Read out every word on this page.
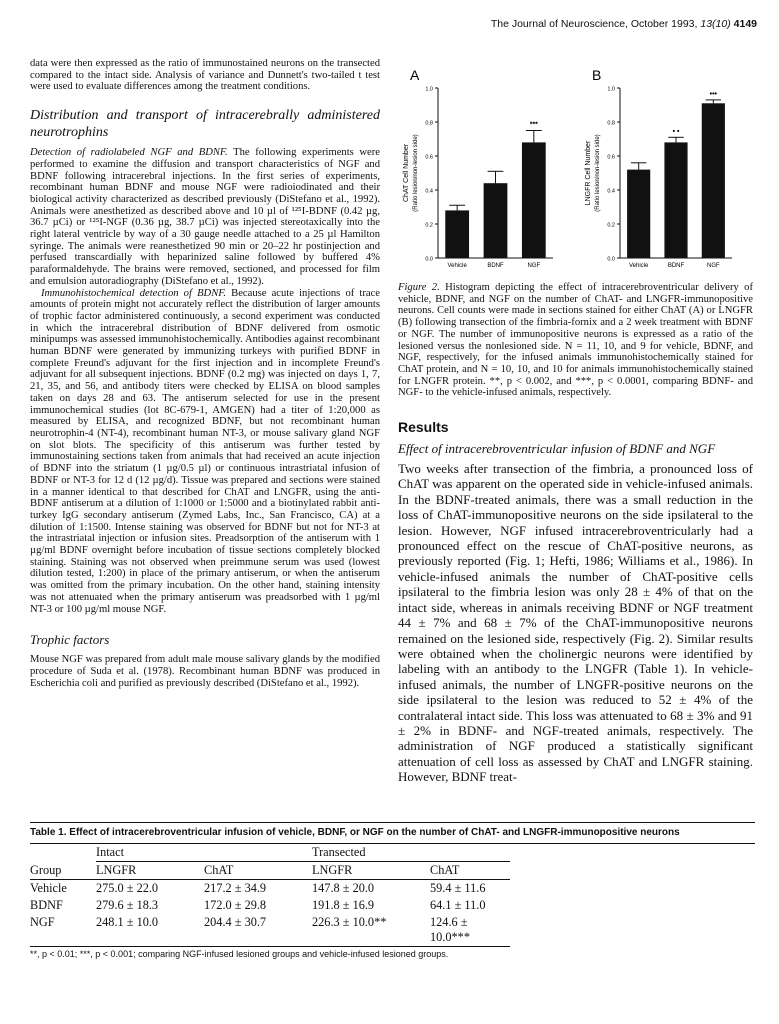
The Journal of Neuroscience, October 1993, 13(10) 4149

data were then expressed as the ratio of immunostained neurons on the transected compared to the intact side. Analysis of variance and Dunnett's two-tailed t test were used to evaluate differences among the treatment conditions.

Distribution and transport of intracerebrally administered neurotrophins

Detection of radiolabeled NGF and BDNF. The following experiments were performed to examine the diffusion and transport characteristics of NGF and BDNF following intracerebral injections. In the first series of experiments, recombinant human BDNF and mouse NGF were radioiodinated and their biological activity characterized as described previously (DiStefano et al., 1992). Animals were anesthetized as described above and 10 µl of ¹²⁵I-BDNF (0.42 µg, 36.7 µCi) or ¹²⁵I-NGF (0.36 µg, 38.7 µCi) was injected stereotaxically into the right lateral ventricle by way of a 30 gauge needle attached to a 25 µl Hamilton syringe. The animals were reanesthetized 90 min or 20–22 hr postinjection and perfused transcardially with heparinized saline followed by buffered 4% paraformaldehyde. The brains were removed, sectioned, and processed for film and emulsion autoradiography (DiStefano et al., 1992).

Immunohistochemical detection of BDNF. Because acute injections of trace amounts of protein might not accurately reflect the distribution of larger amounts of trophic factor administered continuously, a second experiment was conducted in which the intracerebral distribution of BDNF delivered from osmotic minipumps was assessed immunohistochemically. Antibodies against recombinant human BDNF were generated by immunizing turkeys with purified BDNF in complete Freund's adjuvant for the first injection and in incomplete Freund's adjuvant for all subsequent injections. BDNF (0.2 mg) was injected on days 1, 7, 21, 35, and 56, and antibody titers were checked by ELISA on blood samples taken on days 28 and 63. The antiserum selected for use in the present immunochemical studies (lot 8C-679-1, AMGEN) had a titer of 1:20,000 as measured by ELISA, and recognized BDNF, but not recombinant human neurotrophin-4 (NT-4), recombinant human NT-3, or mouse salivary gland NGF on slot blots. The specificity of this antiserum was further tested by immunostaining sections taken from animals that had received an acute injection of BDNF into the striatum (1 µg/0.5 µl) or continuous intrastriatal infusion of BDNF or NT-3 for 12 d (12 µg/d). Tissue was prepared and sections were stained in a manner identical to that described for ChAT and LNGFR, using the anti-BDNF antiserum at a dilution of 1:1000 or 1:5000 and a biotinylated rabbit anti-turkey IgG secondary antiserum (Zymed Labs, Inc., San Francisco, CA) at a dilution of 1:1500. Intense staining was observed for BDNF but not for NT-3 at the intrastriatal injection or infusion sites. Preadsorption of the antiserum with 1 µg/ml BDNF overnight before incubation of tissue sections completely blocked staining. Staining was not observed when preimmune serum was used (lowest dilution tested, 1:200) in place of the primary antiserum, or when the antiserum was omitted from the primary incubation. On the other hand, staining intensity was not attenuated when the primary antiserum was preadsorbed with 1 µg/ml NT-3 or 100 µg/ml mouse NGF.

Trophic factors

Mouse NGF was prepared from adult male mouse salivary glands by the modified procedure of Suda et al. (1978). Recombinant human BDNF was produced in Escherichia coli and purified as previously described (DiStefano et al., 1992).

A
0.0
0.2
0.4
0.6
0.8
1.0
ChAT Cell Number (Ratio lesion/non-lesion side)
Vehicle	BDNF
***
NGF
B
0.0
0.2
0.4
0.6
0.8
1.0
LNGFR Cell Number (Ratio lesion/non-lesion side)
Vehicle
• •
BDNF
•••
NGF
Figure 2. Histogram depicting the effect of intracerebroventricular delivery of vehicle, BDNF, and NGF on the number of ChAT- and LNGFR-immunopositive neurons. Cell counts were made in sections stained for either ChAT (A) or LNGFR (B) following transection of the fimbria-fornix and a 2 week treatment with BDNF or NGF. The number of immunopositive neurons is expressed as a ratio of the lesioned versus the nonlesioned side. N = 11, 10, and 9 for vehicle, BDNF, and NGF, respectively, for the infused animals immunohistochemically stained for ChAT protein, and N = 10, 10, and 10 for animals immunohistochemically stained for LNGFR protein. **, p < 0.002, and ***, p < 0.0001, comparing BDNF- and NGF- to the vehicle-infused animals, respectively.
Results
Effect of intracerebroventricular infusion of BDNF and NGF

Two weeks after transection of the fimbria, a pronounced loss of ChAT was apparent on the operated side in vehicle-infused animals. In the BDNF-treated animals, there was a small reduction in the loss of ChAT-immunopositive neurons on the side ipsilateral to the lesion. However, NGF infused intracerebroventricularly had a pronounced effect on the rescue of ChAT-positive neurons, as previously reported (Fig. 1; Hefti, 1986; Williams et al., 1986). In vehicle-infused animals the number of ChAT-positive cells ipsilateral to the fimbria lesion was only 28 ± 4% of that on the intact side, whereas in animals receiving BDNF or NGF treatment 44 ± 7% and 68 ± 7% of the ChAT-immunopositive neurons remained on the lesioned side, respectively (Fig. 2). Similar results were obtained when the cholinergic neurons were identified by labeling with an antibody to the LNGFR (Table 1). In vehicle-infused animals, the number of LNGFR-positive neurons on the side ipsilateral to the lesion was reduced to 52 ± 4% of the contralateral intact side. This loss was attenuated to 68 ± 3% and 91 ± 2% in BDNF- and NGF-treated animals, respectively. The administration of NGF produced a statistically significant attenuation of cell loss as assessed by ChAT and LNGFR staining. However, BDNF treat-

Table 1. Effect of intracerebroventricular infusion of vehicle, BDNF, or NGF on the number of ChAT- and LNGFR-immunopositive neurons
	Intact		Transected	
Group	LNGFR	ChAT	LNGFR	ChAT
Vehicle	275.0 ± 22.0	217.2 ± 34.9	147.8 ± 20.0	59.4 ± 11.6
BDNF	279.6 ± 18.3	172.0 ± 29.8	191.8 ± 16.9	64.1 ± 11.0
NGF	248.1 ± 10.0	204.4 ± 30.7	226.3 ± 10.0**	124.6 ± 10.0***
**, p < 0.01; ***, p < 0.001; comparing NGF-infused lesioned groups and vehicle-infused lesioned groups.
